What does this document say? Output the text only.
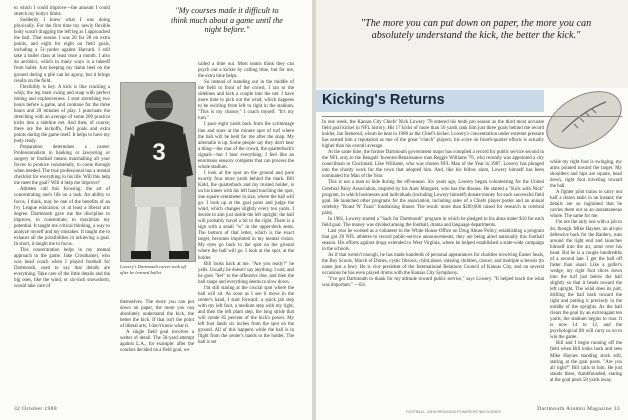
to which I could improve—the amount I could stretch my body's limits.

Suddenly I knew what I was doing physically. For the first time my newly flexible body wasn't dragging the left leg as I approached the ball. That season I was 28 for 28 on extra points, and eight for eight on field goals, including a 51-yarder against Harvard. I still take a ballet class at least once a month. I also do aerobics, which in many ways is a takeoff from ballet. Just keeping my damn heel on the ground during a plié can be agony, but it brings results on the field.

Flexibility is key. A kick is like cracking a whip; the leg must swing and snap with perfect timing and explosiveness. I start stretching two hours before a game, and continue for the three hours and 20 minutes of play. I punctuate the stretching with an average of some 200 practice kicks into a sideline net. And then, of course, there are the kickoffs, field goals and extra points during the game itself. It helps to have my body ready.

Preparation determines a career. Professionalism in banking or lawyering or surgery or football means marshalling all your forces to produce consistently, to come through when needed. The true professional has a mental checklist for everything in his life. Will this help me meet the goal? Will it help me improve?

Athletes call this focusing: the art of concentrating one's life on a task. An ability to focus, I think, may be one of the benefits of an Ivy League education, or at least a liberal arts degree. Dartmouth gave me the discipline to improve, to concentrate, to maximize my potential. It taught me critical thinking, a way to analyze myself and my mistakes. It taught me to exhaust all the possibilities in achieving a goal. In short, it taught me to focus.

This concentration helps in my mental approach to the game. Jake Crouthamel, who was head coach when I played football for Dartmouth, used to say that details are everything. Take care of the little details and the big ones, like the wind, or six-inch snowstorm, would take care of

"My courses made it difficult to think much about a game until the night before."
3
Lowery's Dartmouth career took off after he learned ballet.

called a time out. Most teams think they can psych out a kicker by calling time, but for me, the extra time helps.

So instead of standing out in the middle of the field in front of the crowd, I ran to the sidelines and kick a couple into the net. I have more time to pick out the wind, which happens to be swirling from left to right in the stadium. "This is my chance," I coach myself. "It's my turn."

I pace eight yards back from the scrimmage line and stare at the minute spot of turf where the ball will be held for me after the snap. My adrenalin is up. Some people say they don't hear a thing—the roar of the crowd, the quarterback's signals—but I hear everything. I feel like an enormous sensory computer that can process the whole stadium.

I look at the spot on the ground and pace exactly four more yards behind the mark. Bill Kidd, the quarterback and my trusted holder, is on his knees with his left hand touching the spot, one square centimeter in size, where the ball will go. I look up at the goal posts and judge the wind, which changes slightly every ten yards. I decide to aim just inside the left upright; the ball will probably travel a bit to the right. There is a sign with a small "w" in the upper-deck seats. The bottom of that letter, which is the exact target, becomes imprinted in my mental vision. My eyes go back to the spot on the ground where the ball will go. I look at the spot, at the holder.

Bill looks back at me. "Are you ready?" he yells. Usually he doesn't say anything. I nod, and he goes "Set" to the offensive line, and then the ball snaps and everything seems to slow down.

I'm still staring at the crucial spot where the ball will sit. As soon as I see it move in the center's hand, I start forward: a quick jab step with my left foot, a medium step with my right, and then the left plant step, the long stride that will create 85 percent of the kick's power. My left foot lands six inches from the spot on the ground. All of this happens while the ball is in flight from the center's hands to the holder. The ball is set

themselves. The more you can put down on paper, the more you can absolutely understand the kick, the better the kick. If that isn't the point of liberal arts, I don't know what is.

A single field goal involves a welter of detail. The 58-yard attempt against L.A., for example: after the coaches decided on a field goal, we

32 October 1988
"The more you can put down on paper, the more you can absolutely understand the kick, the better the kick."
Kicking's Returns

In one week, the Kansas City Chiefs' Nick Lowery '78 entered his tenth pro season as the third most accurate field goal kicker in NFL history. His 17 kicks of more than 50 yards rank him just three goals behind the record holder, Jan Stenerud, whom he beat in 1980 as the Chief's kicker. Lowery's concentration under extreme pressure has earned him a reputation as one of the great "clutch" players; his score on fourth-quarter efforts is actually higher than his overall average.

At the same time, the former Dartmouth government major has compiled a record for public service second in the NFL only to the Bengals' Inventor/Renaissance man Reggie Williams '76, who recently was appointed a city councilman in Cincinnati. Like Williams, who was chosen NFL Man of the Year in 1987, Lowery has plunged into the charity work for the town that adopted him. And, like his fellow alum, Lowery himself has been nominated for Man of the Year.

This is not a man to hide during the off-season. Six years ago, Lowery began volunteering for the United Cerebral Palsy Association, inspired by his Aunt Margaret, who has the disease. He started a "Kick with Nick" program, in which businesses and individuals (including Lowery himself) donate money for each successful field goal. He launched other programs for the association, including sales of a Chiefs player poster and an annual celebrity "Roast 'N' Toast" fundraising dinner. The result: more than $200,000 raised for research in cerebral palsy.

In 1981, Lowery started a "Sack for Dartmouth" program in which he pledged to his alma mater $10 for each field goal. The money was divided among the football, drama and language departments.

Last year he worked as a volunteer in the White House Office on Drug Abuse Policy, establishing a program that got 20 NFL athletes to record public-service announcements; they are being aired nationally this football season. His efforts against drugs extended to West Virginia, where he helped established a state-wide campaign in the schools.

As if that weren't enough, he has made hundreds of personal appearances for charities involving Easter Seals, the Boy Scouts, March of Dimes, cystic fibrosis, child abuse, missing children, cancer, and multiple sclerosis (to name just a few). He is vice president of the International Relations Council of Kansas City, and on several occasions he has even played drums with the Kansas City Symphony.

"I've got Dartmouth to thank for my attitude toward public service," says Lowery. "It helped teach me what was important." —Ed.

while my right foot is swinging, my arms pointed toward the target. My shoulders and hips are square, head down, right foot traveling toward the ball.

A fighter pilot trains to carry out half a dozen tasks in an instant; the details are so ingrained that he carries them out as an instantaneous whole. The same for me.

I'm not the only one with a job to do, though. Mike Haynes, an all-pro defensive back for the Raiders, runs around the right end and launches himself into the air, arms over his head. But he is a couple hundredths of a second late. I get the ball off faster than usual. Like a golfer's wedge, my right foot slices down into the turf just below the ball slightly so that it heads toward the left upright. The wind does its part, drifting the ball back toward the right and putting it precisely in the middle of the uprights. As the ball clears the goal by an extravagant ten yards, the stadium begins to roar. It is now 14 to 12, and the psychological lift will carry us on to win the game.

Bill and I begin running off the field when Bill looks back and sees Mike Haynes standing stock still, staring at the goal posts. "Are you all right?" Bill calls to him. He just stands there, dumbfounded, staring at the goal posts 58 yards away.

FOOTBALL: JOHN REID/HOGHTON/SPORTING SCENES	Dartmouth Alumni Magazine 33
